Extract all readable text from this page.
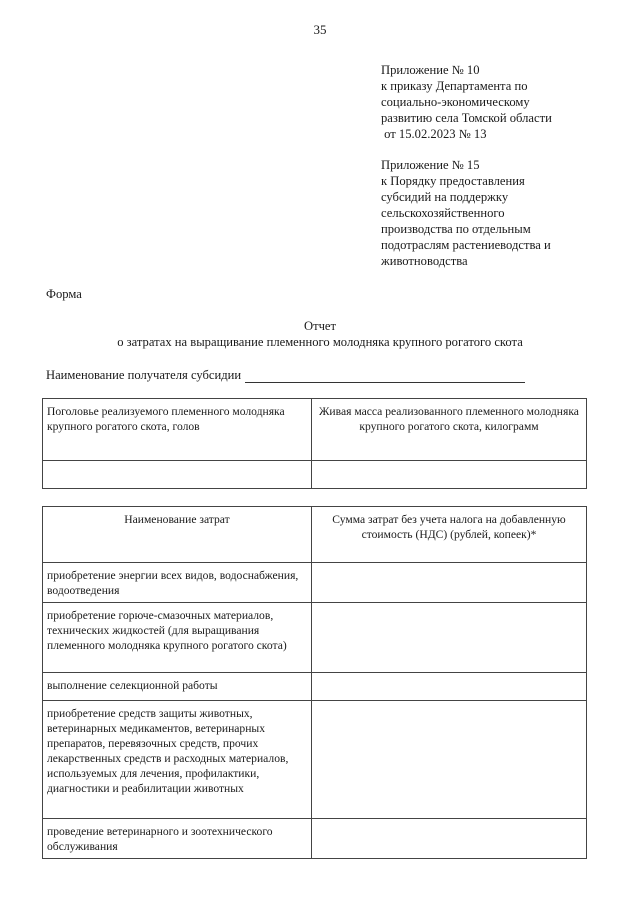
35
Приложение № 10
к приказу Департамента по
социально-экономическому
развитию села Томской области
от 15.02.2023 № 13
Приложение № 15
к Порядку предоставления
субсидий на поддержку
сельскохозяйственного
производства по отдельным
подотраслям растениеводства и
животноводства
Форма
Отчет
о затратах на выращивание племенного молодняка крупного рогатого скота
Наименование получателя субсидии
Поголовье реализуемого племенного молодняка крупного рогатого скота, голов	Живая масса реализованного племенного молодняка крупного рогатого скота, килограмм

Наименование затрат	Сумма затрат без учета налога на добавленную стоимость (НДС) (рублей, копеек)*
приобретение энергии всех видов, водоснабжения, водоотведения	
приобретение горюче-смазочных материалов, технических жидкостей (для выращивания племенного молодняка крупного рогатого скота)	
выполнение селекционной работы	
приобретение средств защиты животных, ветеринарных медикаментов, ветеринарных препаратов, перевязочных средств, прочих лекарственных средств и расходных материалов, используемых для лечения, профилактики, диагностики и реабилитации животных	
проведение ветеринарного и зоотехнического обслуживания	
